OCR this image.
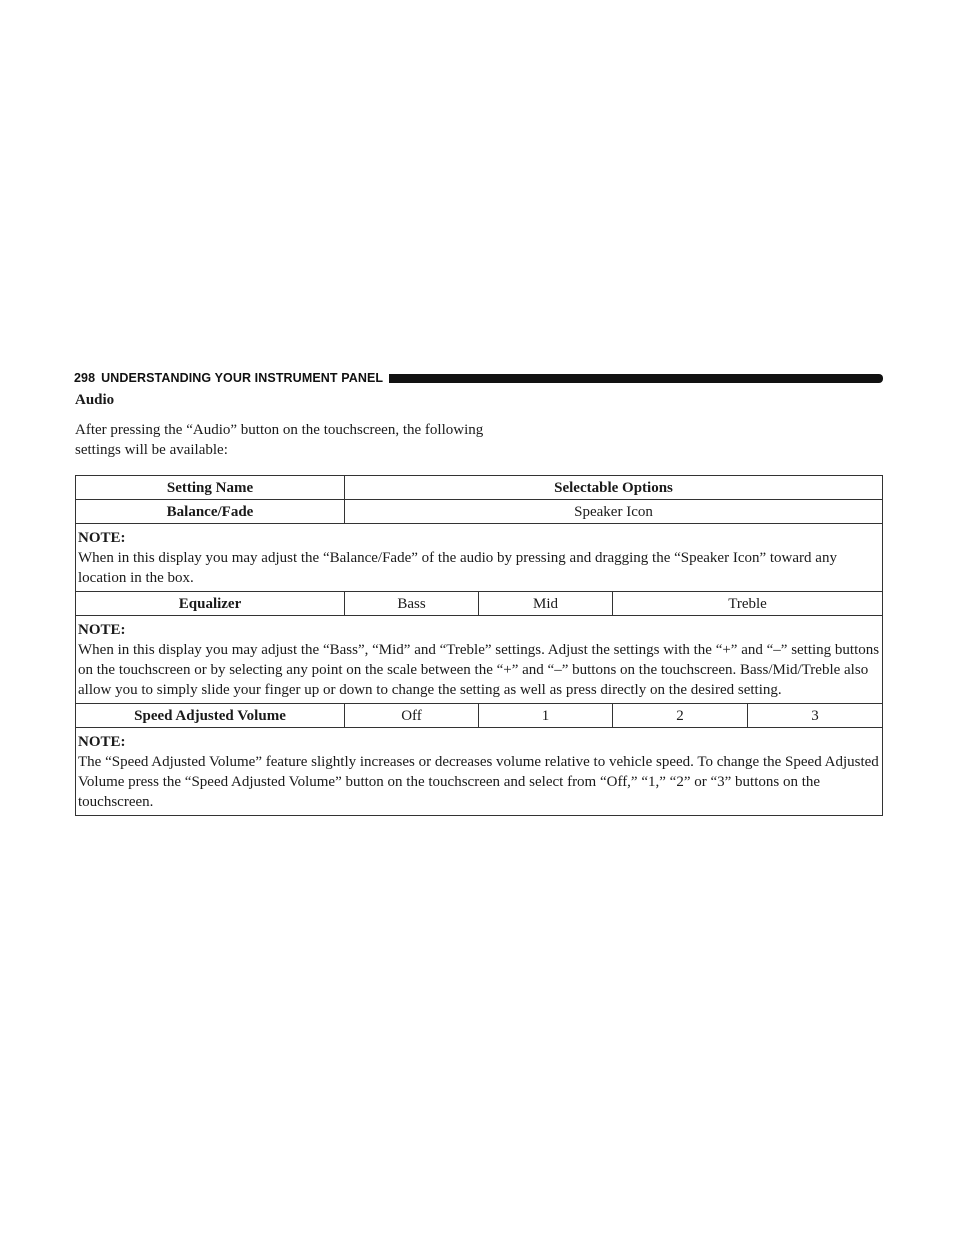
298 UNDERSTANDING YOUR INSTRUMENT PANEL
Audio

After pressing the “Audio” button on the touchscreen, the following settings will be available:

Setting Name	Selectable Options			
Balance/Fade	Speaker Icon			

NOTE:
When in this display you may adjust the “Balance/Fade” of the audio by pressing and dragging the “Speaker Icon” toward any location in the box.				

Equalizer	Bass	Mid	Treble	

NOTE:
When in this display you may adjust the “Bass”, “Mid” and “Treble” settings. Adjust the settings with the “+” and “–” setting buttons on the touchscreen or by selecting any point on the scale between the “+” and “–” buttons on the touchscreen. Bass/Mid/Treble also allow you to simply slide your finger up or down to change the setting as well as press directly on the desired setting.				

Speed Adjusted Volume	Off	1	2	3

NOTE:
The “Speed Adjusted Volume” feature slightly increases or decreases volume relative to vehicle speed. To change the Speed Adjusted Volume press the “Speed Adjusted Volume” button on the touchscreen and select from “Off,” “1,” “2” or “3” buttons on the touchscreen.				
